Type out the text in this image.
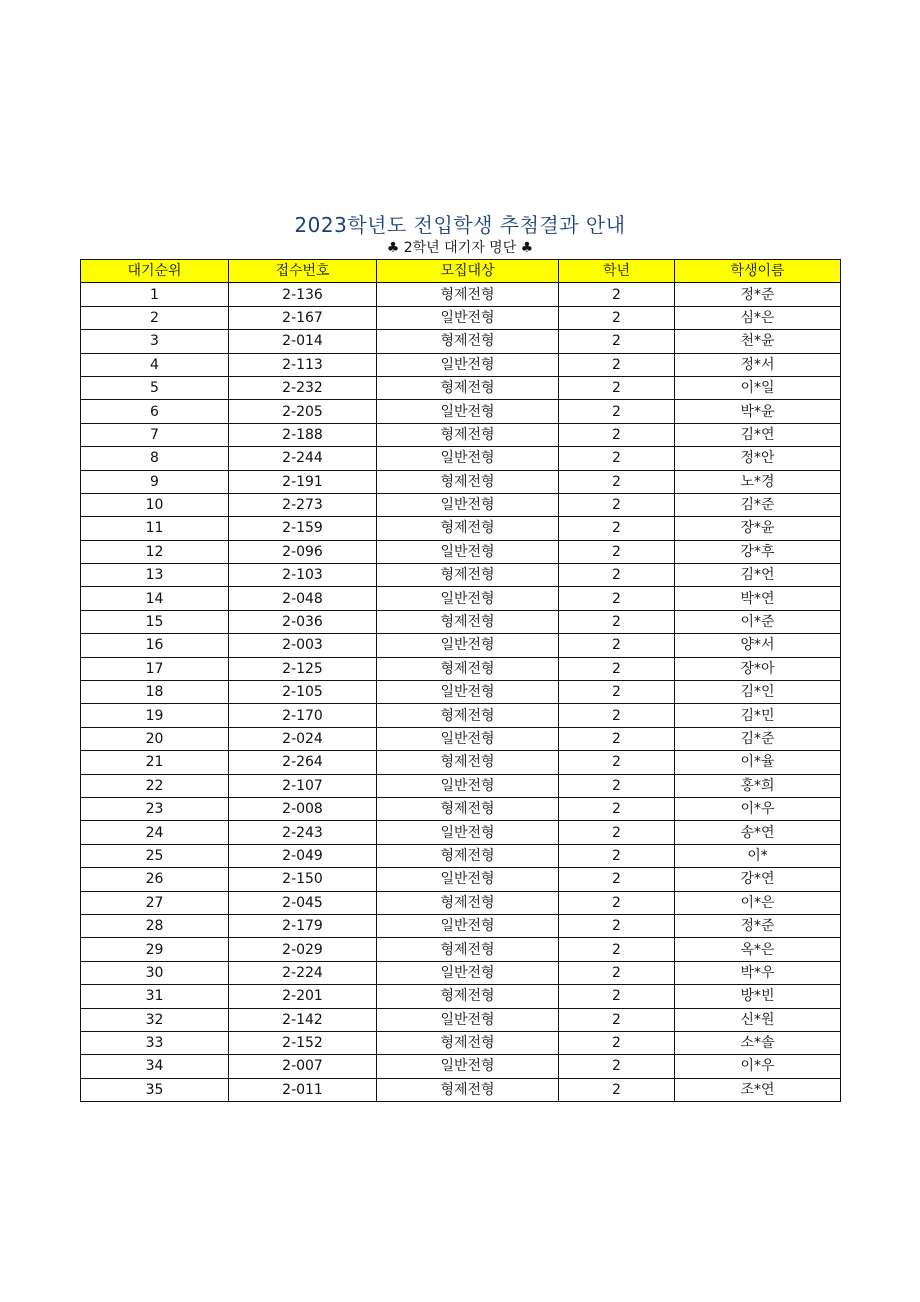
2023학년도 전입학생 추첨결과 안내
♣ 2학년 대기자 명단 ♣
대기순위	접수번호	모집대상	학년	학생이름
1	2-136	형제전형	2	정*준
2	2-167	일반전형	2	심*은
3	2-014	형제전형	2	천*윤
4	2-113	일반전형	2	정*서
5	2-232	형제전형	2	이*일
6	2-205	일반전형	2	박*윤
7	2-188	형제전형	2	김*연
8	2-244	일반전형	2	정*안
9	2-191	형제전형	2	노*경
10	2-273	일반전형	2	김*준
11	2-159	형제전형	2	장*윤
12	2-096	일반전형	2	강*후
13	2-103	형제전형	2	김*언
14	2-048	일반전형	2	박*연
15	2-036	형제전형	2	이*준
16	2-003	일반전형	2	양*서
17	2-125	형제전형	2	장*아
18	2-105	일반전형	2	김*인
19	2-170	형제전형	2	김*민
20	2-024	일반전형	2	김*준
21	2-264	형제전형	2	이*율
22	2-107	일반전형	2	홍*희
23	2-008	형제전형	2	이*우
24	2-243	일반전형	2	송*연
25	2-049	형제전형	2	이*
26	2-150	일반전형	2	강*연
27	2-045	형제전형	2	이*은
28	2-179	일반전형	2	정*준
29	2-029	형제전형	2	옥*은
30	2-224	일반전형	2	박*우
31	2-201	형제전형	2	방*빈
32	2-142	일반전형	2	신*원
33	2-152	형제전형	2	소*솔
34	2-007	일반전형	2	이*우
35	2-011	형제전형	2	조*연
